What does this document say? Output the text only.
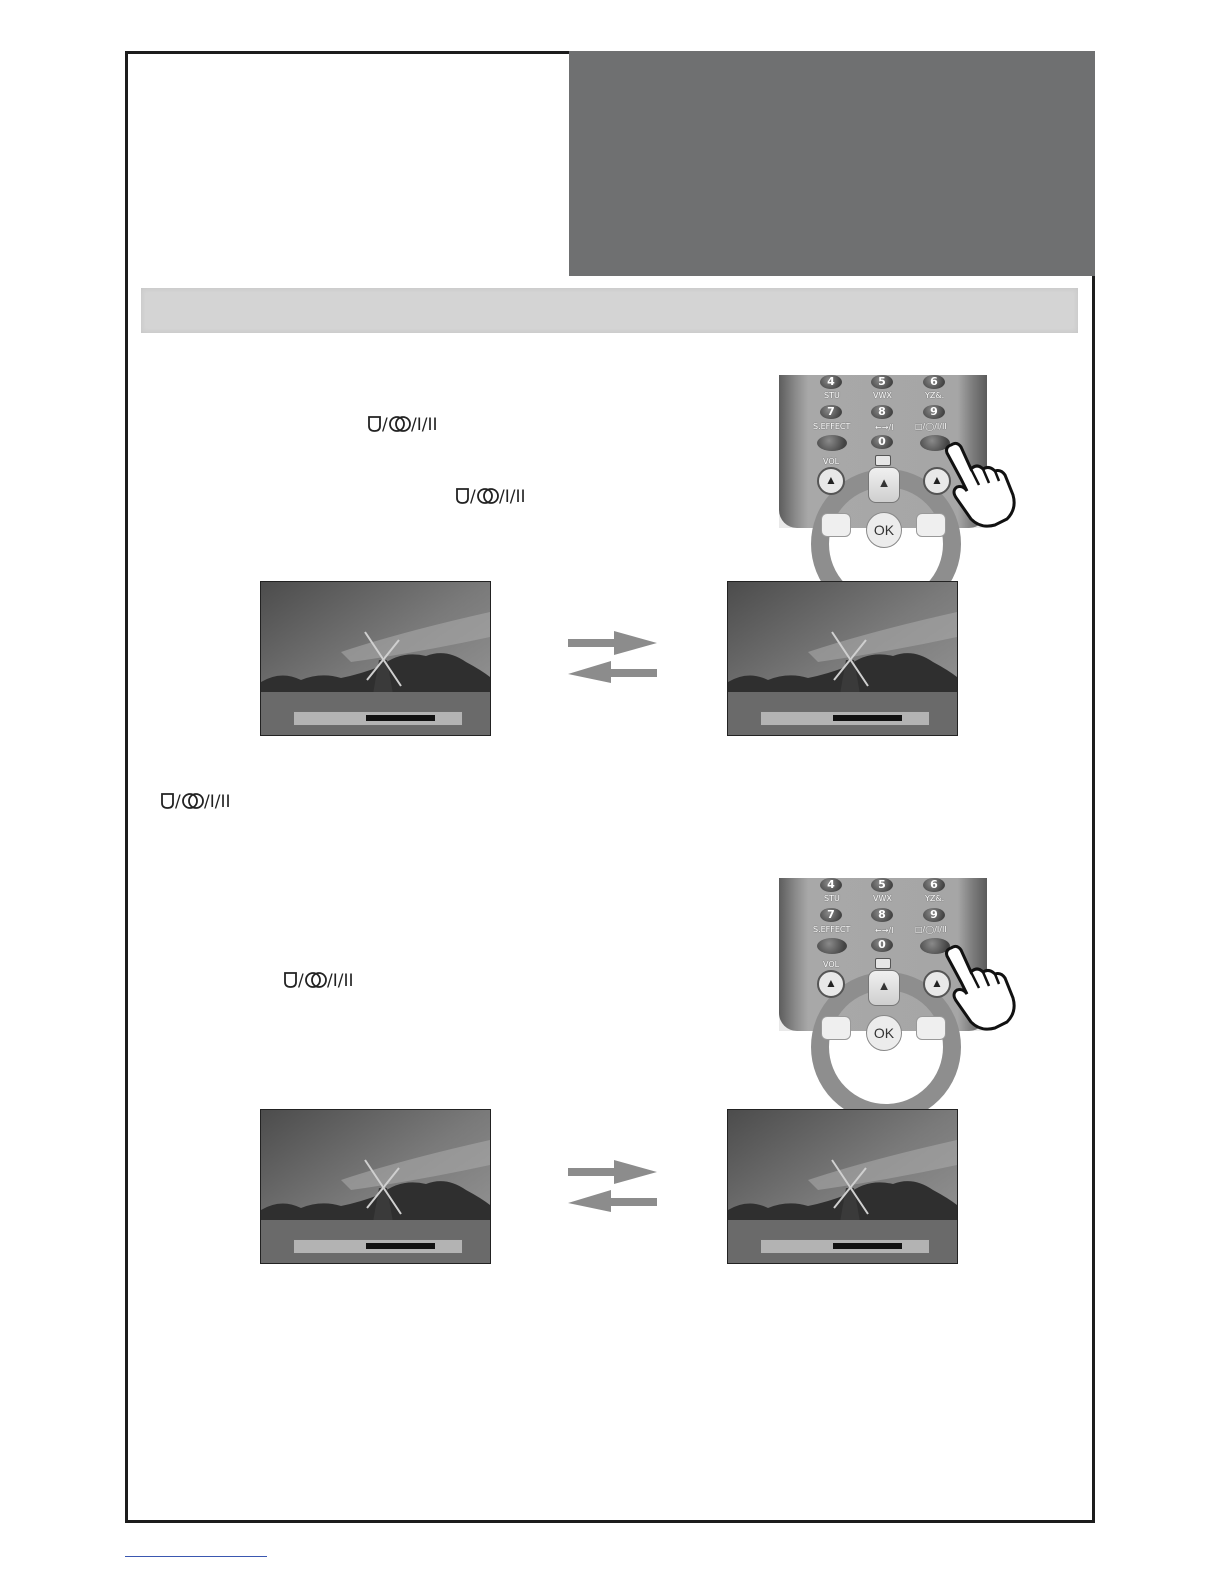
/ /I/II
/ /I/II
/ /I/II
/ /I/II
4	5	6
STU	VWX	YZ&.
7	8	9
S.EFFECT	←→/I	□/◯/I/II
0
VOL
▲	▲	▲
OK
4	5	6
STU	VWX	YZ&.
7	8	9
S.EFFECT	←→/I	□/◯/I/II
0
VOL
▲	▲	▲
OK
